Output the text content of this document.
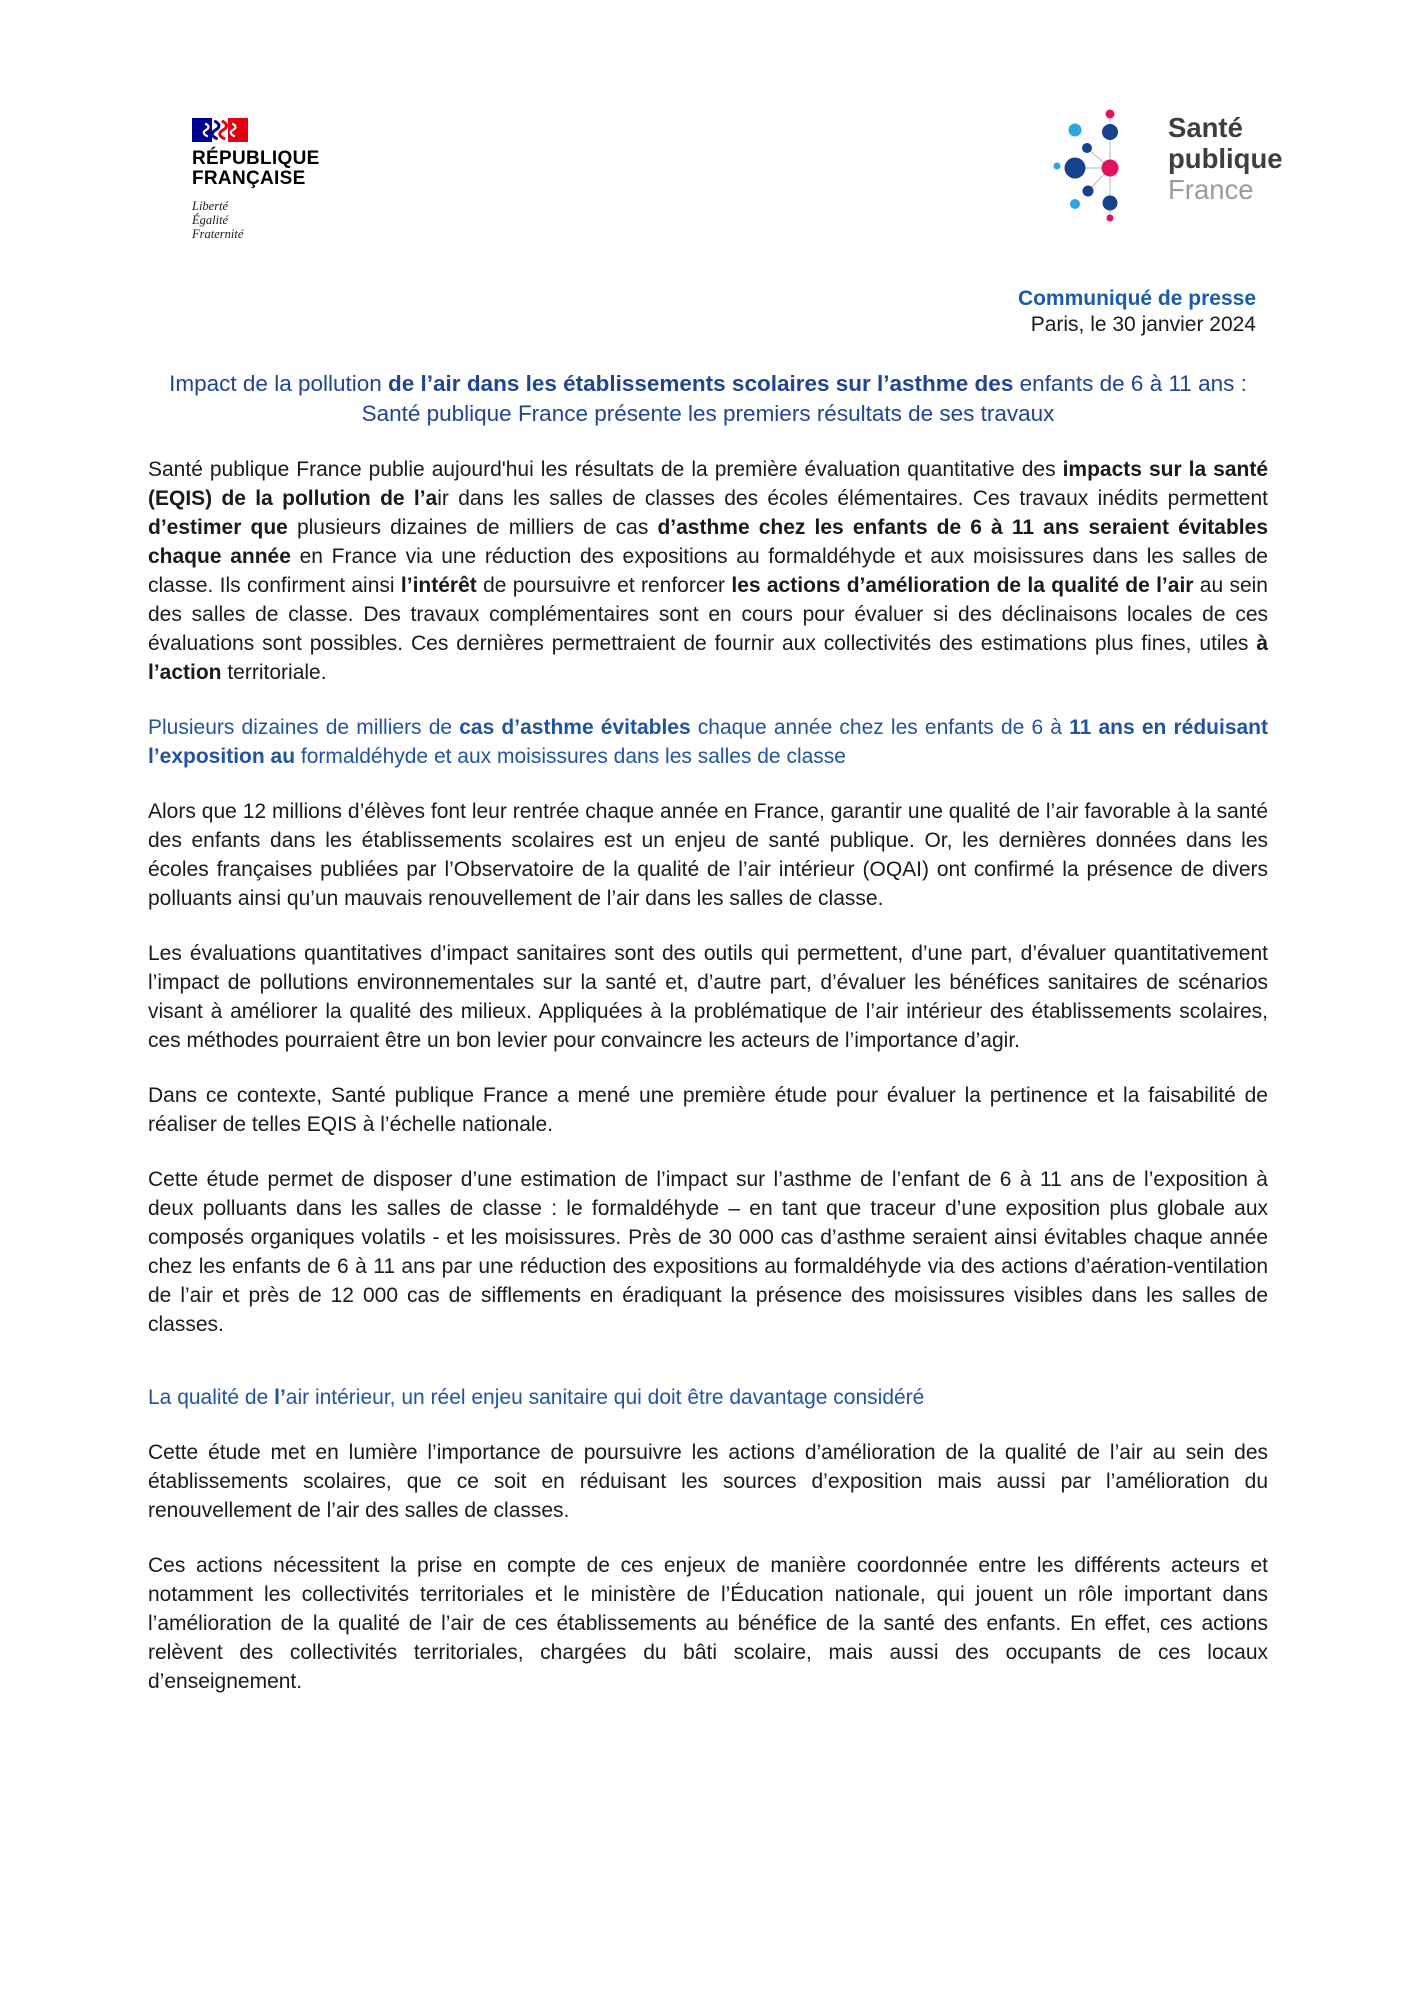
RÉPUBLIQUE
FRANÇAISE
Liberté
Égalité
Fraternité
Santé
publique
France

Communiqué de presse

Paris, le 30 janvier 2024

Impact de la pollution de l’air dans les établissements scolaires sur l’asthme des enfants de 6 à 11 ans : Santé publique France présente les premiers résultats de ses travaux

Santé publique France publie aujourd'hui les résultats de la première évaluation quantitative des impacts sur la santé (EQIS) de la pollution de l’air dans les salles de classes des écoles élémentaires. Ces travaux inédits permettent d’estimer que plusieurs dizaines de milliers de cas d’asthme chez les enfants de 6 à 11 ans seraient évitables chaque année en France via une réduction des expositions au formaldéhyde et aux moisissures dans les salles de classe. Ils confirment ainsi l’intérêt de poursuivre et renforcer les actions d’amélioration de la qualité de l’air au sein des salles de classe. Des travaux complémentaires sont en cours pour évaluer si des déclinaisons locales de ces évaluations sont possibles. Ces dernières permettraient de fournir aux collectivités des estimations plus fines, utiles à l’action territoriale.

Plusieurs dizaines de milliers de cas d’asthme évitables chaque année chez les enfants de 6 à 11 ans en réduisant l’exposition au formaldéhyde et aux moisissures dans les salles de classe

Alors que 12 millions d’élèves font leur rentrée chaque année en France, garantir une qualité de l’air favorable à la santé des enfants dans les établissements scolaires est un enjeu de santé publique. Or, les dernières données dans les écoles françaises publiées par l’Observatoire de la qualité de l’air intérieur (OQAI) ont confirmé la présence de divers polluants ainsi qu’un mauvais renouvellement de l’air dans les salles de classe.

Les évaluations quantitatives d’impact sanitaires sont des outils qui permettent, d’une part, d’évaluer quantitativement l’impact de pollutions environnementales sur la santé et, d’autre part, d’évaluer les bénéfices sanitaires de scénarios visant à améliorer la qualité des milieux. Appliquées à la problématique de l’air intérieur des établissements scolaires, ces méthodes pourraient être un bon levier pour convaincre les acteurs de l’importance d’agir.

Dans ce contexte, Santé publique France a mené une première étude pour évaluer la pertinence et la faisabilité de réaliser de telles EQIS à l’échelle nationale.

Cette étude permet de disposer d’une estimation de l’impact sur l’asthme de l’enfant de 6 à 11 ans de l’exposition à deux polluants dans les salles de classe : le formaldéhyde – en tant que traceur d’une exposition plus globale aux composés organiques volatils - et les moisissures. Près de 30 000 cas d’asthme seraient ainsi évitables chaque année chez les enfants de 6 à 11 ans par une réduction des expositions au formaldéhyde via des actions d’aération-ventilation de l’air et près de 12 000 cas de sifflements en éradiquant la présence des moisissures visibles dans les salles de classes.

La qualité de l’air intérieur, un réel enjeu sanitaire qui doit être davantage considéré

Cette étude met en lumière l’importance de poursuivre les actions d’amélioration de la qualité de l’air au sein des établissements scolaires, que ce soit en réduisant les sources d’exposition mais aussi par l’amélioration du renouvellement de l’air des salles de classes.

Ces actions nécessitent la prise en compte de ces enjeux de manière coordonnée entre les différents acteurs et notamment les collectivités territoriales et le ministère de l’Éducation nationale, qui jouent un rôle important dans l’amélioration de la qualité de l’air de ces établissements au bénéfice de la santé des enfants. En effet, ces actions relèvent des collectivités territoriales, chargées du bâti scolaire, mais aussi des occupants de ces locaux d’enseignement.
